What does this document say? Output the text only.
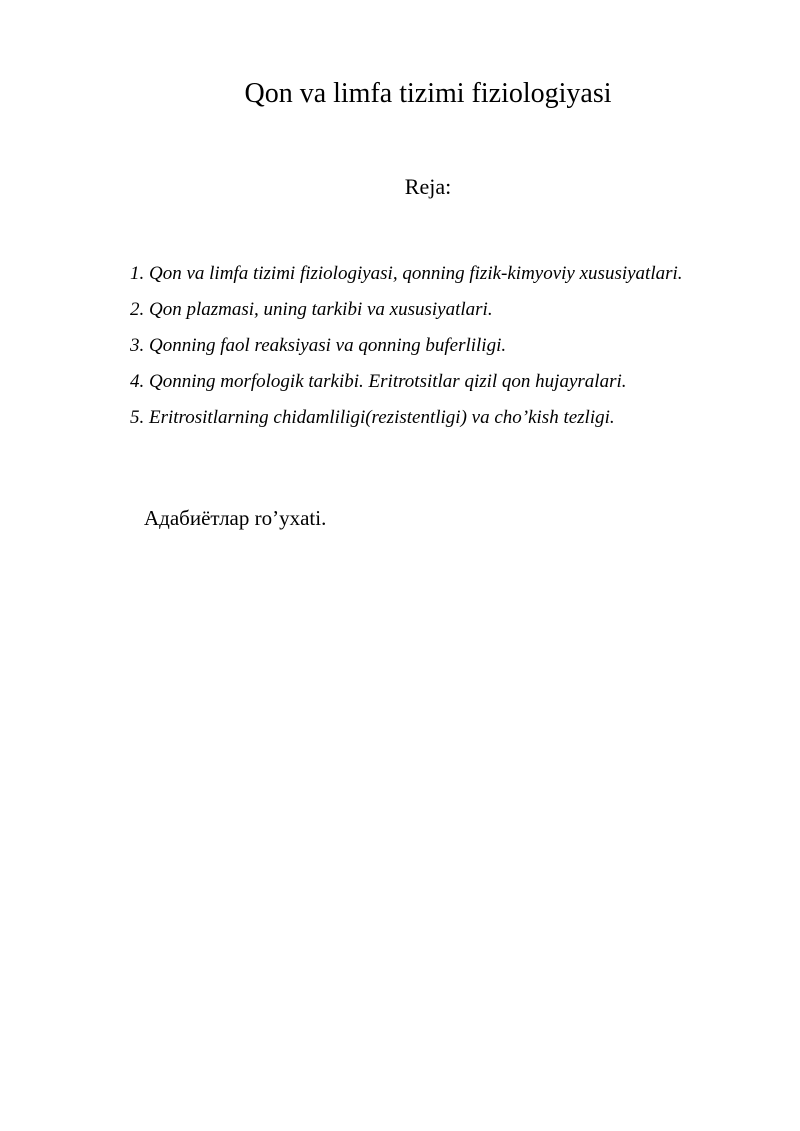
Qon va limfa tizimi fiziologiyasi
Reja:
1. Qon va limfa tizimi fiziologiyasi, qonning fizik-kimyoviy xususiyatlari.
2. Qon plazmasi, uning tarkibi va xususiyatlari.
3. Qonning faol reaksiyasi va qonning buferliligi.
4. Qonning morfologik tarkibi. Eritrotsitlar qizil qon hujayralari.
5. Eritrositlarning chidamliligi(rezistentligi) va cho’kish tezligi.
Адабиётлар rо’уxati.
